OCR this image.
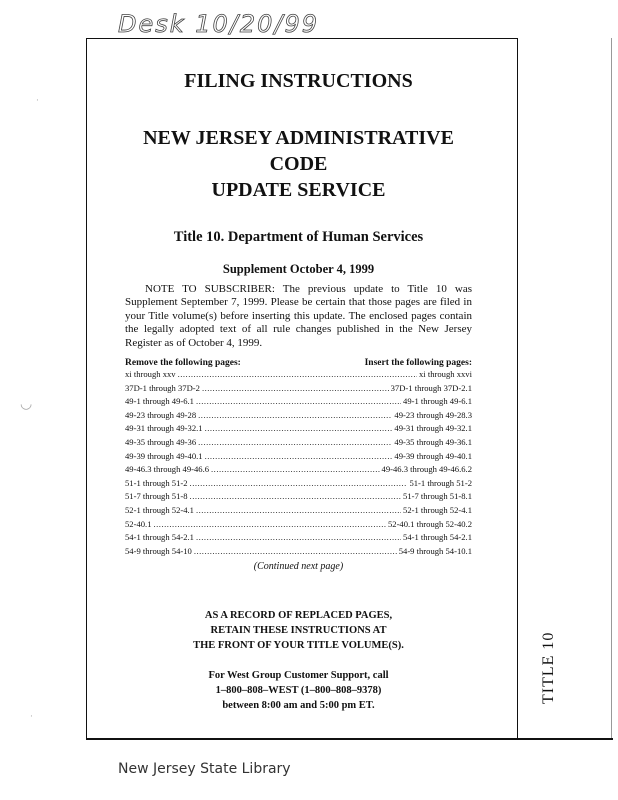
Desk 10/20/99
·
◡
·

FILING INSTRUCTIONS

NEW JERSEY ADMINISTRATIVE CODE

UPDATE SERVICE

Title 10. Department of Human Services

Supplement October 4, 1999

NOTE TO SUBSCRIBER: The previous update to Title 10 was Supplement September 7, 1999. Please be certain that those pages are filed in your Title volume(s) before inserting this update. The enclosed pages contain the legally adopted text of all rule changes published in the New Jersey Register as of October 4, 1999.

Remove the following pages:	Insert the following pages:
xi through xxv .....	xi through xxvi
37D-1 through 37D-2 .....	37D-1 through 37D-2.1
49-1 through 49-6.1 .....	49-1 through 49-6.1
49-23 through 49-28 .....	49-23 through 49-28.3
49-31 through 49-32.1 .....	49-31 through 49-32.1
49-35 through 49-36 .....	49-35 through 49-36.1
49-39 through 49-40.1 .....	49-39 through 49-40.1
49-46.3 through 49-46.6 .....	49-46.3 through 49-46.6.2
51-1 through 51-2 .....	51-1 through 51-2
51-7 through 51-8 .....	51-7 through 51-8.1
52-1 through 52-4.1 .....	52-1 through 52-4.1
52-40.1 .....	52-40.1 through 52-40.2
54-1 through 54-2.1 .....	54-1 through 54-2.1
54-9 through 54-10 .....	54-9 through 54-10.1
(Continued next page)
AS A RECORD OF REPLACED PAGES,
RETAIN THESE INSTRUCTIONS AT
THE FRONT OF YOUR TITLE VOLUME(S).
For West Group Customer Support, call
1–800–808–WEST (1–800–808–9378)
between 8:00 am and 5:00 pm ET.
TITLE 10
New Jersey State Library
